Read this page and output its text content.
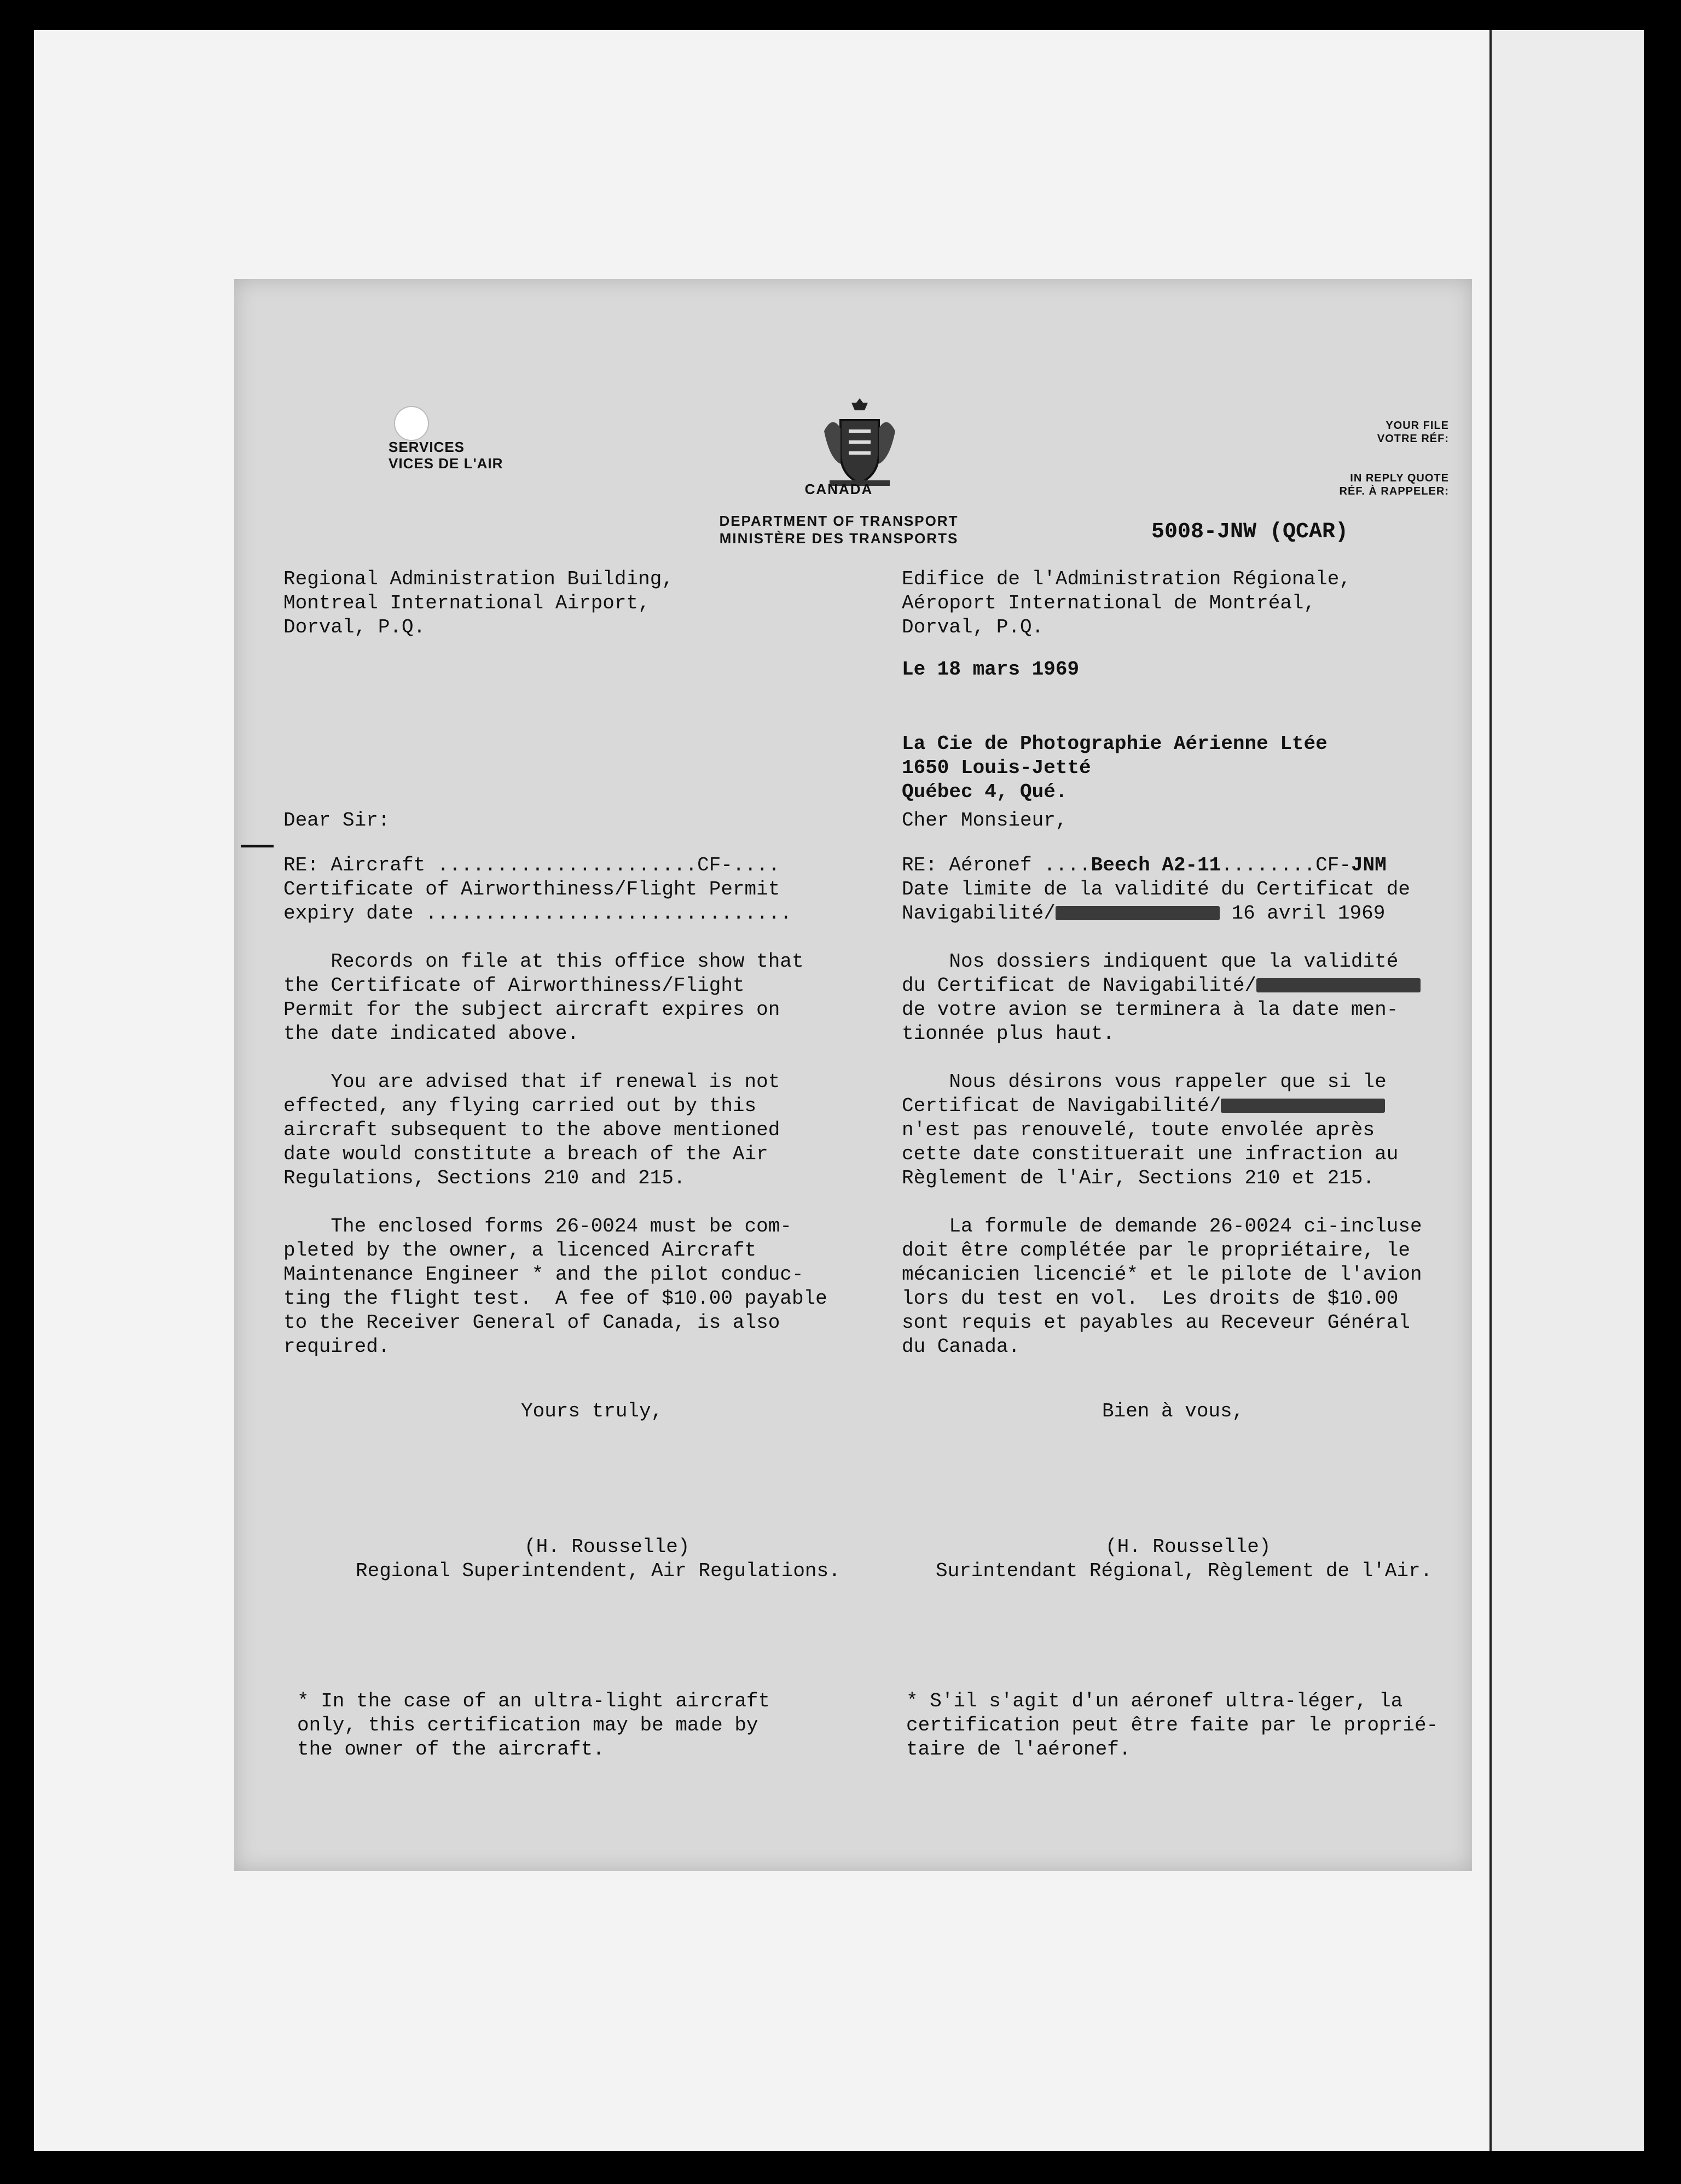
SERVICES
VICES DE L'AIR

CANADA
DEPARTMENT OF TRANSPORT
MINISTÈRE DES TRANSPORTS
YOUR FILE
VOTRE RÉF:
IN REPLY QUOTE
RÉF. À RAPPELER:
5008-JNW (QCAR)
Regional Administration Building,
Montreal International Airport,
Dorval, P.Q.
Dear Sir:
RE: Aircraft ......................CF-....
Certificate of Airworthiness/Flight Permit
expiry date ...............................
Records on file at this office show that
the Certificate of Airworthiness/Flight
Permit for the subject aircraft expires on
the date indicated above.
You are advised that if renewal is not
effected, any flying carried out by this
aircraft subsequent to the above mentioned
date would constitute a breach of the Air
Regulations, Sections 210 and 215.
The enclosed forms 26-0024 must be com-
pleted by the owner, a licenced Aircraft
Maintenance Engineer * and the pilot conduc-
ting the flight test.  A fee of $10.00 payable
to the Receiver General of Canada, is also
required.
Yours truly,
(H. Rousselle)
Regional Superintendent, Air Regulations.
* In the case of an ultra-light aircraft
only, this certification may be made by
the owner of the aircraft.
Edifice de l'Administration Régionale,
Aéroport International de Montréal,
Dorval, P.Q.
Le 18 mars 1969
La Cie de Photographie Aérienne Ltée
1650 Louis-Jetté
Québec 4, Qué.
Cher Monsieur,
RE: Aéronef ....Beech A2-11........CF-JNM
Date limite de la validité du Certificat de
Navigabilité/	16 avril 1969
Nos dossiers indiquent que la validité
du Certificat de Navigabilité/
de votre avion se terminera à la date men-
tionnée plus haut.
Nous désirons vous rappeler que si le
Certificat de Navigabilité/
n'est pas renouvelé, toute envolée après
cette date constituerait une infraction au
Règlement de l'Air, Sections 210 et 215.
La formule de demande 26-0024 ci-incluse
doit être complétée par le propriétaire, le
mécanicien licencié* et le pilote de l'avion
lors du test en vol.  Les droits de $10.00
sont requis et payables au Receveur Général
du Canada.
Bien à vous,
(H. Rousselle)
Surintendant Régional, Règlement de l'Air.
* S'il s'agit d'un aéronef ultra-léger, la
certification peut être faite par le proprié-
taire de l'aéronef.
